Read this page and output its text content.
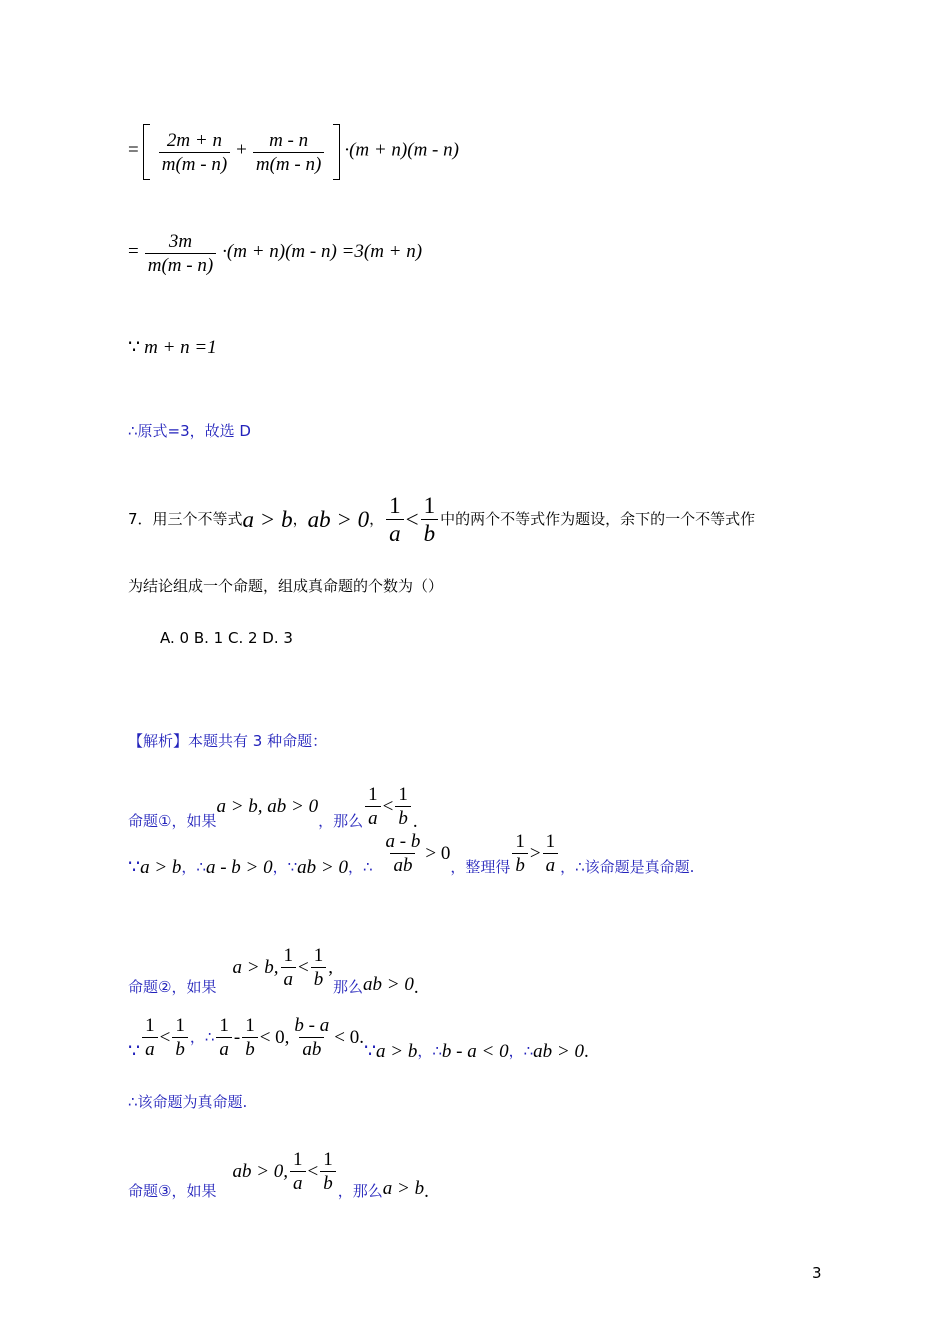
= $\frac{2m + n}{m(m - n)} + \frac{m - n}{m(m - n)} \cdot(m + n)(m - n)$
= $\frac{3m}{m(m - n)} \cdot(m + n)(m - n) =3(m + n)$
∵ m + n =1
∴原式=3，故选 D
7．用三个不等式 a > b ， ab > 0 ， $\frac{1}{a} < \frac{1}{b}$ 中的两个不等式作为题设，余下的一个不等式作
为结论组成一个命题，组成真命题的个数为（）
A. 0 B. 1 C. 2 D. 3
【解析】本题共有 3 种命题：
命题①，如果
a > b, ab > 0
，那么 $\frac{1}{a} < \frac{1}{b}$ .
∵ a > b ，∴ a - b > 0 ，∵ ab > 0 ，∴ $\frac{a - b}{ab} > 0$
，整理得 $\frac{1}{b} > \frac{1}{a}$ ，∴该命题是真命题.
命题②，如果
a > b, $\frac{1}{a} < \frac{1}{b}$ ,
那么 ab > 0 .
∵ $\frac{1}{a} < \frac{1}{b}$ ，∴ $\frac{1}{a} - \frac{1}{b} < 0$, $\frac{b - a}{ab} < 0$.
∵ a > b ，∴ b - a < 0 ，∴ ab > 0 .
∴该命题为真命题.
命题③，如果
ab > 0, $\frac{1}{a} < \frac{1}{b}$ ，那么 a > b .
3
